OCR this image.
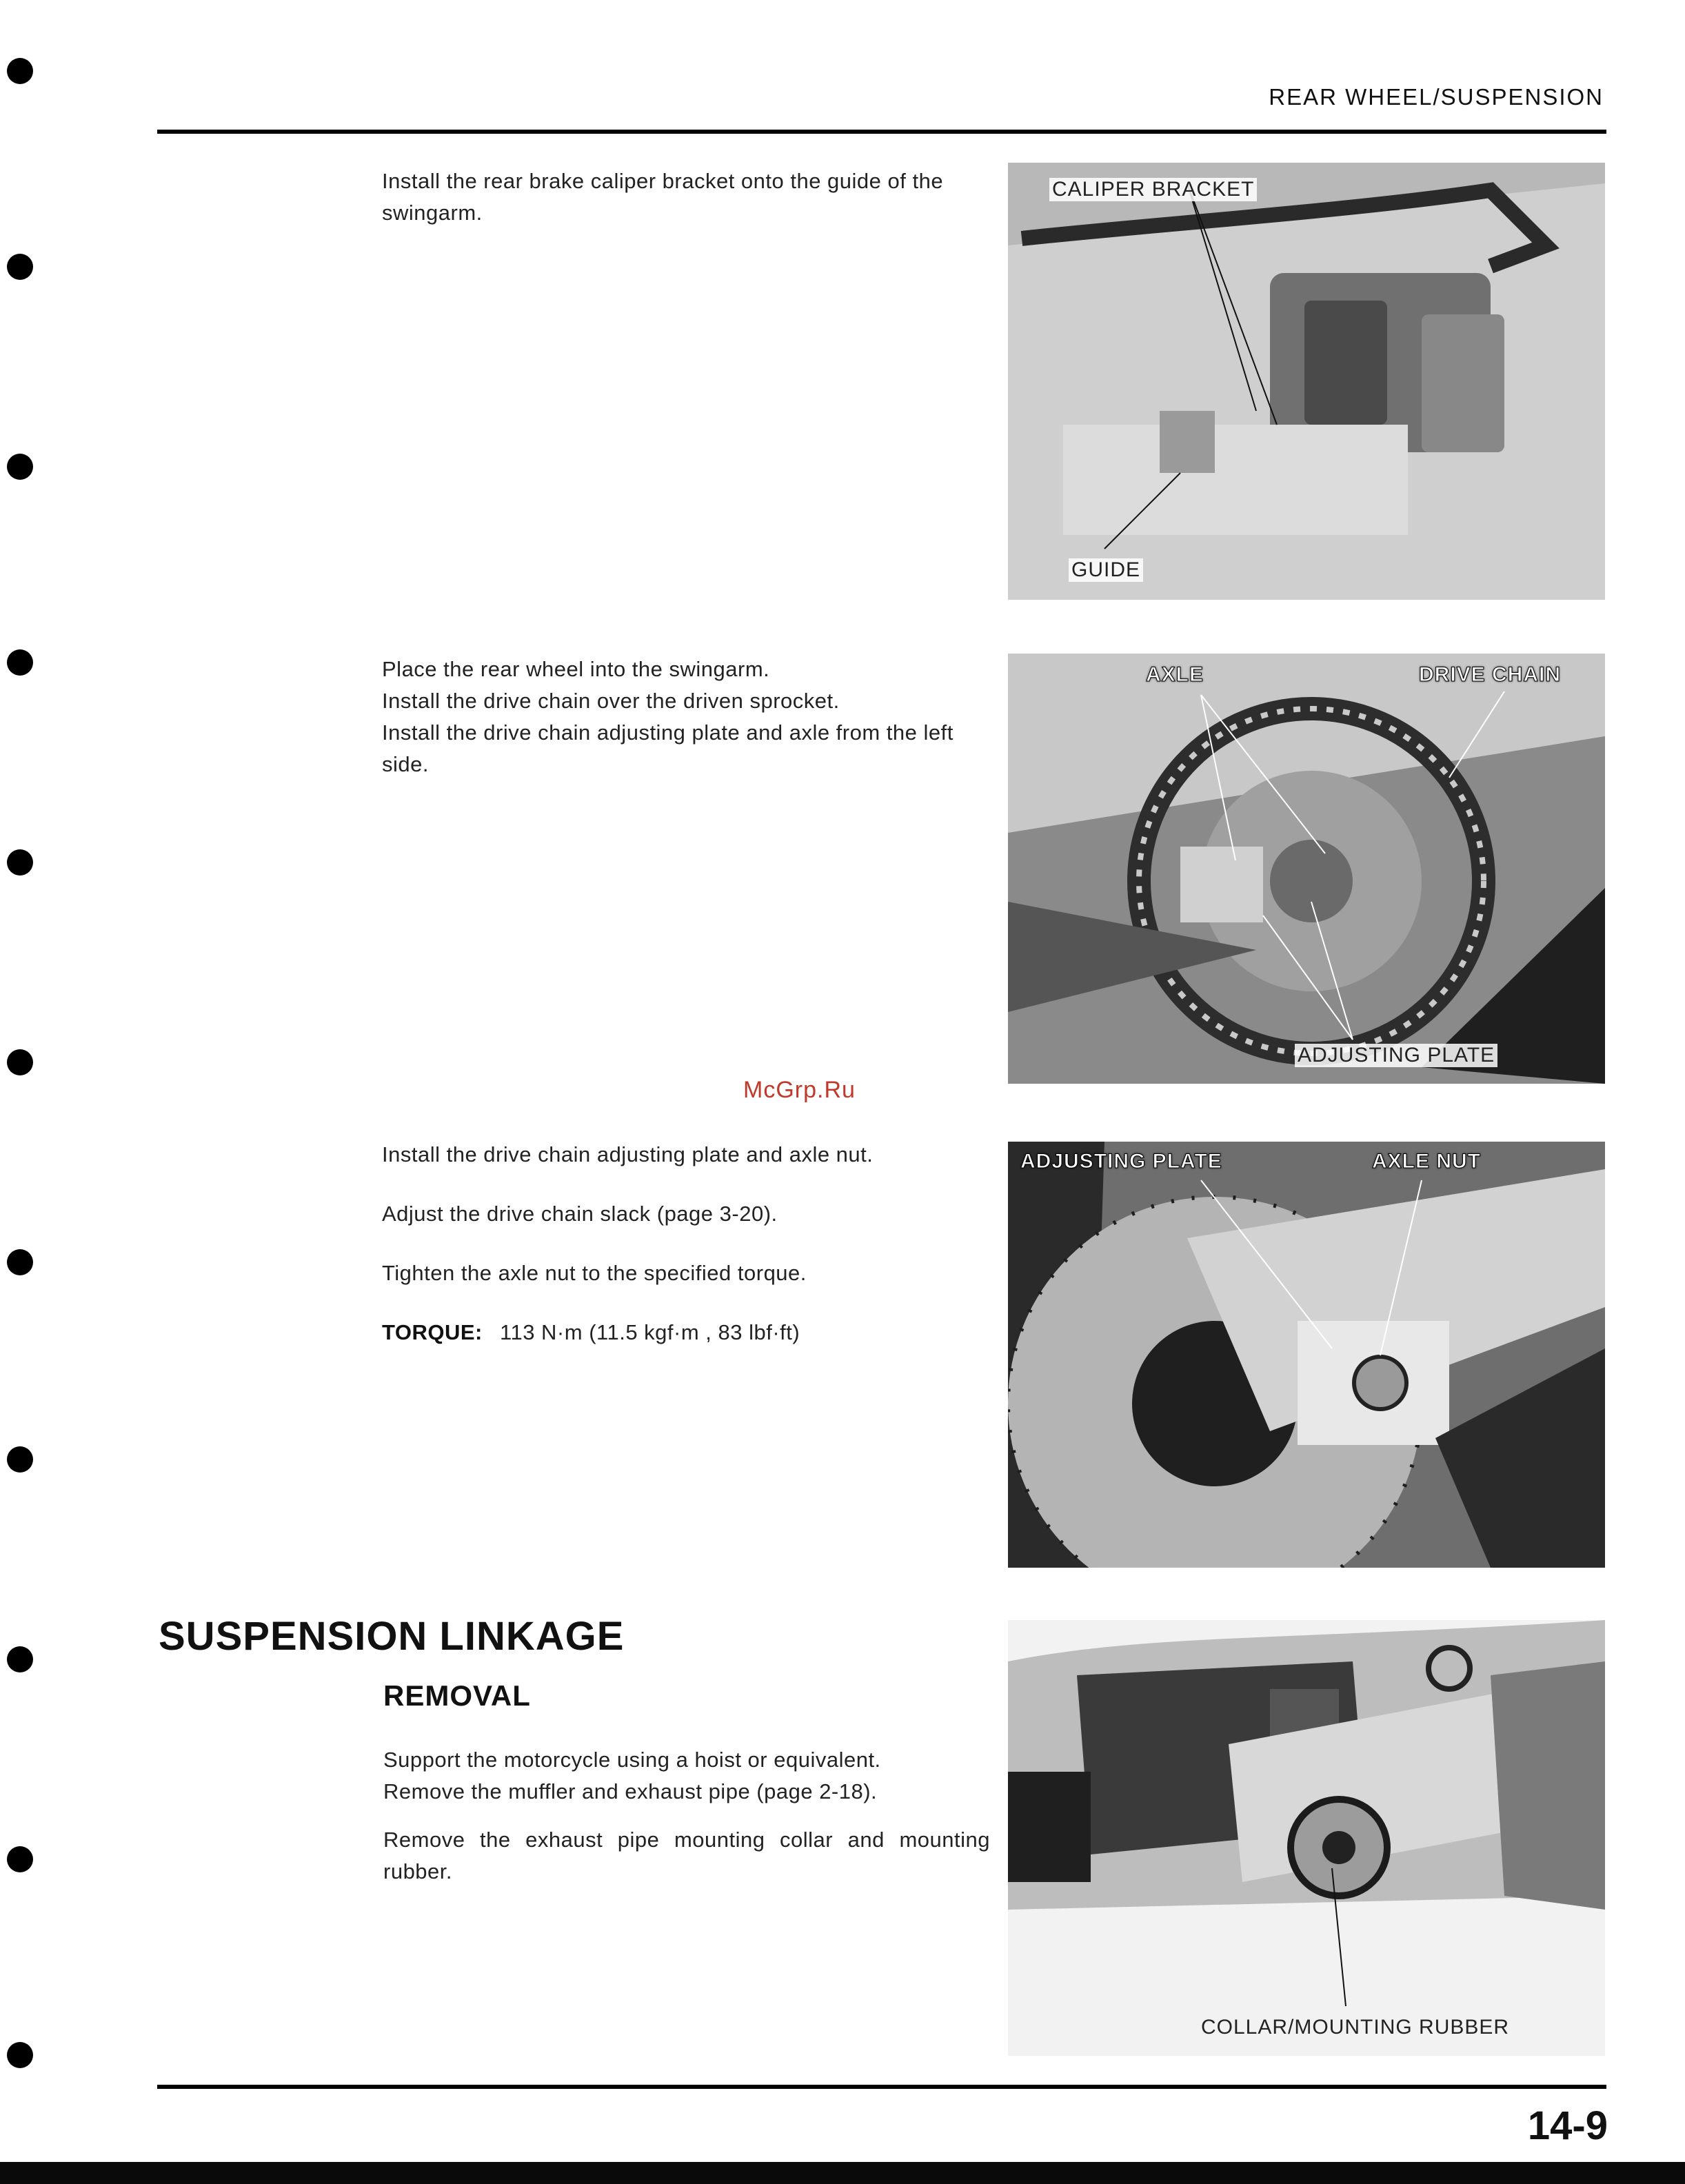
REAR WHEEL/SUSPENSION
Install the rear brake caliper bracket onto the guide of the swingarm.
CALIPER BRACKET
GUIDE
Place the rear wheel into the swingarm.
Install the drive chain over the driven sprocket.
Install the drive chain adjusting plate and axle from the left side.
AXLE	DRIVE CHAIN
ADJUSTING PLATE
McGrp.Ru
Install the drive chain adjusting plate and axle nut.
Adjust the drive chain slack (page 3-20).
Tighten the axle nut to the specified torque.
TORQUE: 113 N·m (11.5 kgf·m , 83 lbf·ft)
ADJUSTING PLATE	AXLE NUT
SUSPENSION LINKAGE
REMOVAL
Support the motorcycle using a hoist or equivalent.
Remove the muffler and exhaust pipe (page 2-18).
Remove the exhaust pipe mounting collar and mounting rubber.
COLLAR/MOUNTING RUBBER
14-9
